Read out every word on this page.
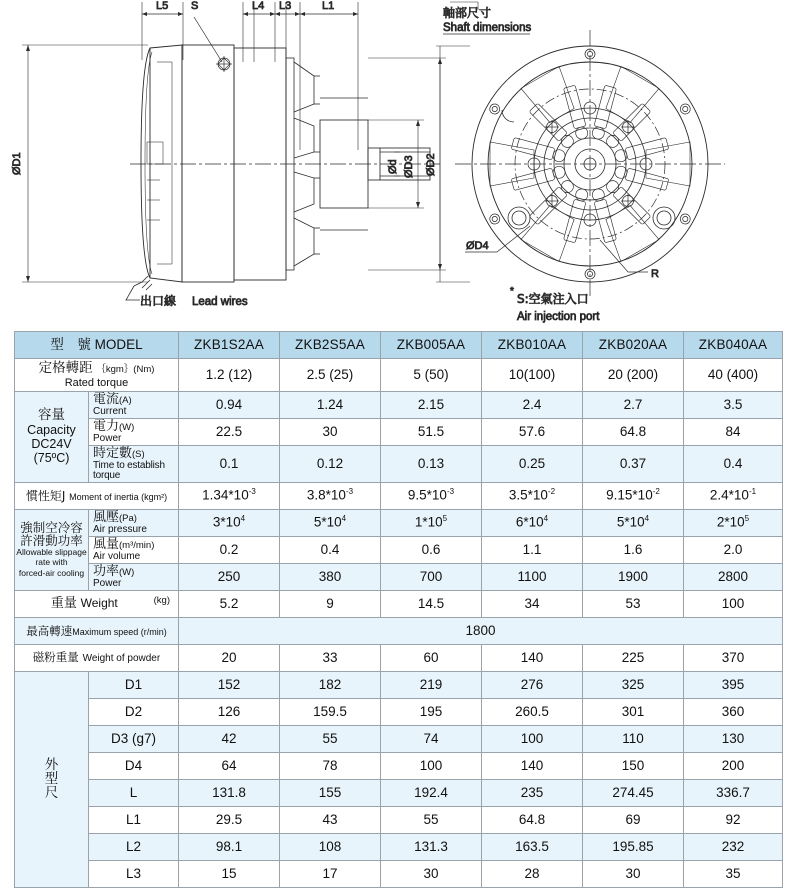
L5 S	L4 L3	L1
ØD1	ØD2
ØD3
Ød
出口線 Lead wires
軸部尺寸
Shaft dimensions
ØD4
R
*
S:空氣注入口
Air injection port
型　號 MODEL		ZKB1S2AA	ZKB2S5AA	ZKB005AA	ZKB010AA	ZKB020AA	ZKB040AA
定格轉距 ｛kgm｝(Nm)
Rated torque		1.2 (12)	2.5 (25)	5 (50)	10(100)	20 (200)	40 (400)
容量
Capacity
DC24V
(75ºC)	電流(A)
Current	0.94	1.24	2.15	2.4	2.7	3.5

	電力(W)
Power	22.5	30	51.5	57.6	64.8	84

	時定數(S)
Time to establish torque	0.1	0.12	0.13	0.25	0.37	0.4
慣性矩J Moment of inertia (kgm²)		$1.34*10^{-3}$	$3.8*10^{-3}$	$9.5*10^{-3}$	$3.5*10^{-2}$	$9.15*10^{-2}$	$2.4*10^{-1}$
強制空冷容
許滑動功率

Allowable slippage
rate with
forced-air cooling	風壓(Pa)
Air pressure	$3*10^4$	$5*10^4$	$1*10^5$	$6*10^4$	$5*10^4$	$2*10^5$

	風量(m³/min)
Air volume	0.2	0.4	0.6	1.1	1.6	2.0

	功率(W)
Power	250	380	700	1100	1900	2800
重量 Weight (kg)		5.2	9	14.5	34	53	100
最高轉速Maximum speed (r/min)		1800					
磁粉重量 Weight of powder		20	33	60	140	225	370
外
型
尺	D1	152	182	219	276	325	395
	D2	126	159.5	195	260.5	301	360
	D3 (g7)	42	55	74	100	110	130
	D4	64	78	100	140	150	200
	L	131.8	155	192.4	235	274.45	336.7
	L1	29.5	43	55	64.8	69	92
	L2	98.1	108	131.3	163.5	195.85	232
	L3	15	17	30	28	30	35
